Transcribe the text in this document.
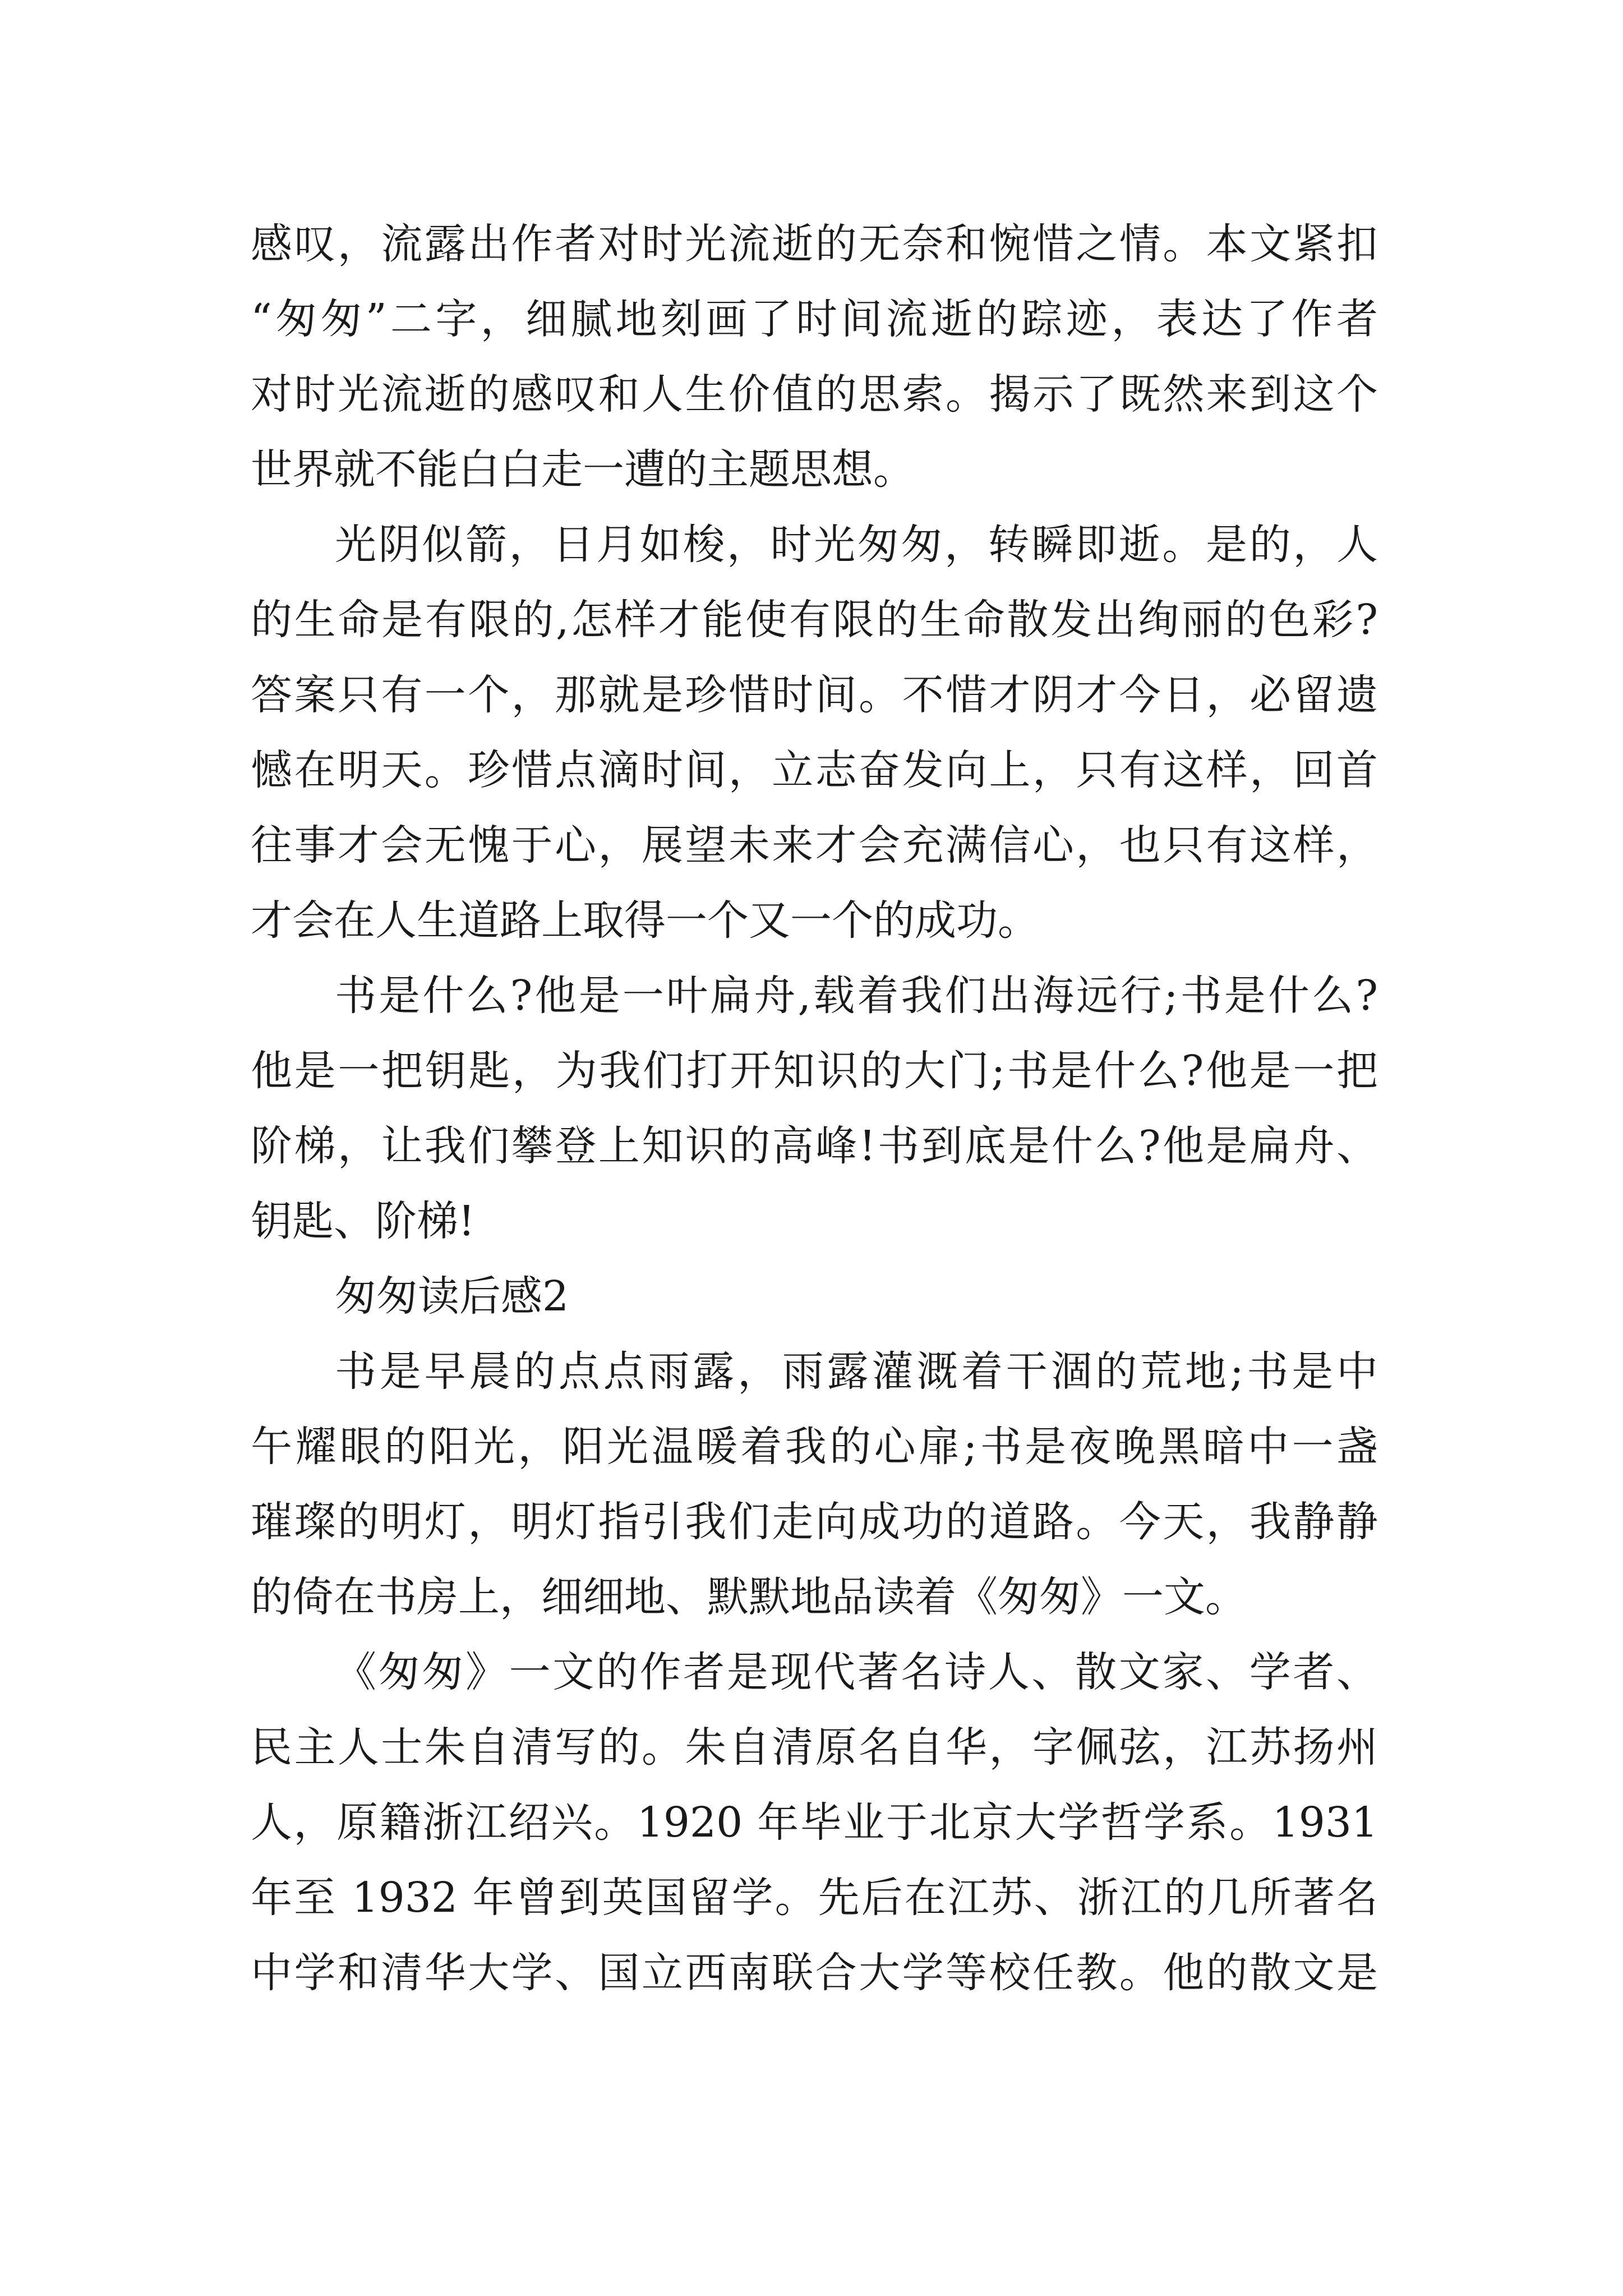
感叹，流露出作者对时光流逝的无奈和惋惜之情。本文紧扣

“匆匆”二字，细腻地刻画了时间流逝的踪迹，表达了作者

对时光流逝的感叹和人生价值的思索。揭示了既然来到这个

世界就不能白白走一遭的主题思想。

光阴似箭，日月如梭，时光匆匆，转瞬即逝。是的，人

的生命是有限的,怎样才能使有限的生命散发出绚丽的色彩?

答案只有一个，那就是珍惜时间。不惜才阴才今日，必留遗

憾在明天。珍惜点滴时间，立志奋发向上，只有这样，回首

往事才会无愧于心，展望未来才会充满信心，也只有这样，

才会在人生道路上取得一个又一个的成功。

书是什么?他是一叶扁舟,载着我们出海远行;书是什么?

他是一把钥匙，为我们打开知识的大门;书是什么?他是一把

阶梯，让我们攀登上知识的高峰!书到底是什么?他是扁舟、

钥匙、阶梯!

匆匆读后感2

书是早晨的点点雨露，雨露灌溉着干涸的荒地;书是中

午耀眼的阳光，阳光温暖着我的心扉;书是夜晚黑暗中一盏

璀璨的明灯，明灯指引我们走向成功的道路。今天，我静静

的倚在书房上，细细地、默默地品读着《匆匆》一文。

《匆匆》一文的作者是现代著名诗人、散文家、学者、

民主人士朱自清写的。朱自清原名自华，字佩弦，江苏扬州

人，原籍浙江绍兴。1920 年毕业于北京大学哲学系。1931

年至 1932 年曾到英国留学。先后在江苏、浙江的几所著名

中学和清华大学、国立西南联合大学等校任教。他的散文是
